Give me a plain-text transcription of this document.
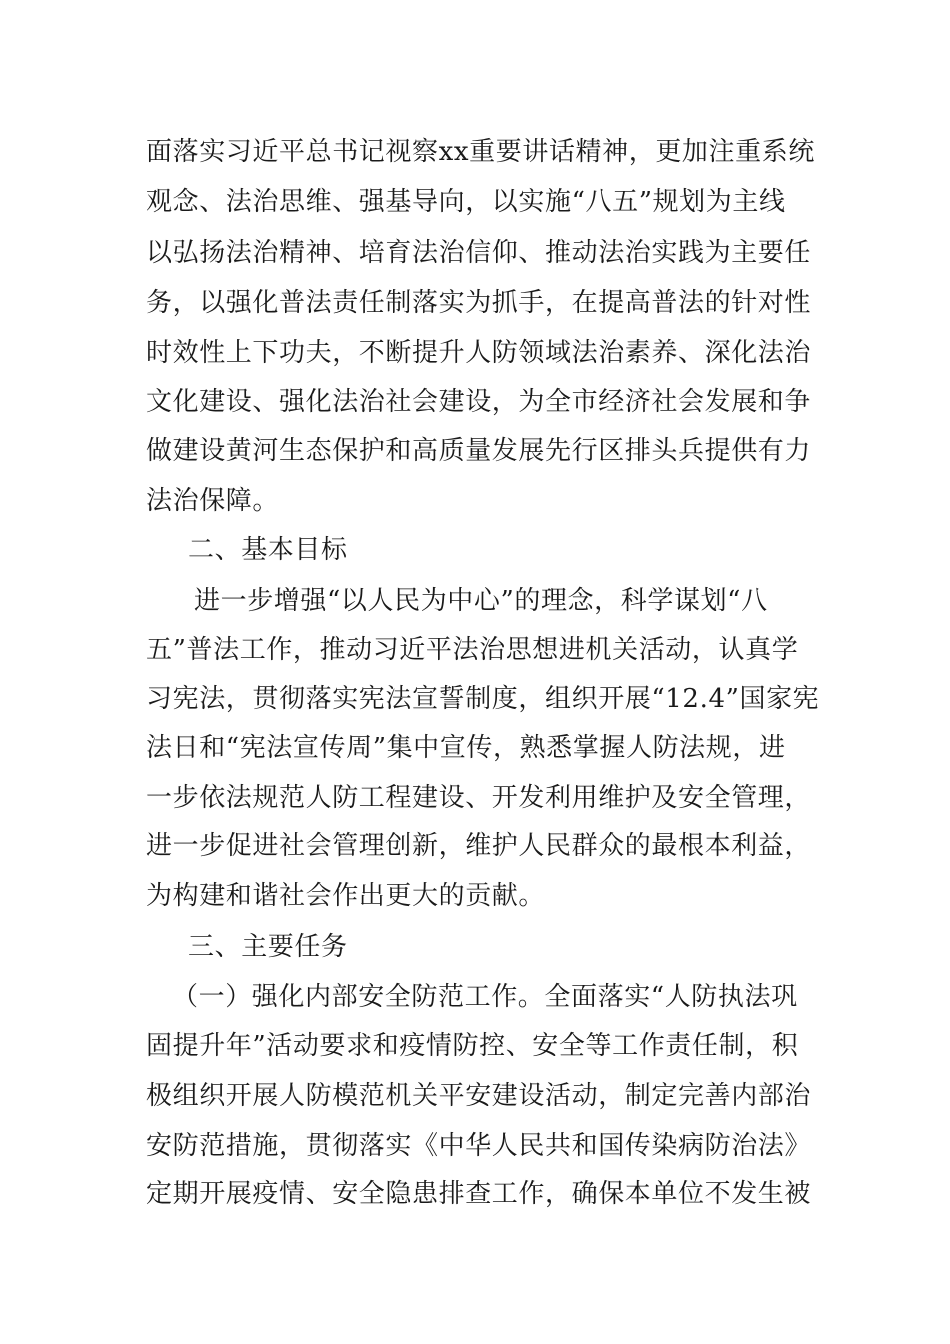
面落实习近平总书记视察xx重要讲话精神，更加注重系统

观念、法治思维、强基导向，以实施“八五”规划为主线

以弘扬法治精神、培育法治信仰、推动法治实践为主要任

务，以强化普法责任制落实为抓手，在提高普法的针对性

时效性上下功夫，不断提升人防领域法治素养、深化法治

文化建设、强化法治社会建设，为全市经济社会发展和争

做建设黄河生态保护和高质量发展先行区排头兵提供有力

法治保障。

二、基本目标

进一步增强“以人民为中心”的理念，科学谋划“八

五”普法工作，推动习近平法治思想进机关活动，认真学

习宪法，贯彻落实宪法宣誓制度，组织开展“12.4”国家宪

法日和“宪法宣传周”集中宣传，熟悉掌握人防法规，进

一步依法规范人防工程建设、开发利用维护及安全管理，

进一步促进社会管理创新，维护人民群众的最根本利益，

为构建和谐社会作出更大的贡献。

三、主要任务

（一）强化内部安全防范工作。全面落实“人防执法巩

固提升年”活动要求和疫情防控、安全等工作责任制，积

极组织开展人防模范机关平安建设活动，制定完善内部治

安防范措施，贯彻落实《中华人民共和国传染病防治法》

定期开展疫情、安全隐患排查工作，确保本单位不发生被
